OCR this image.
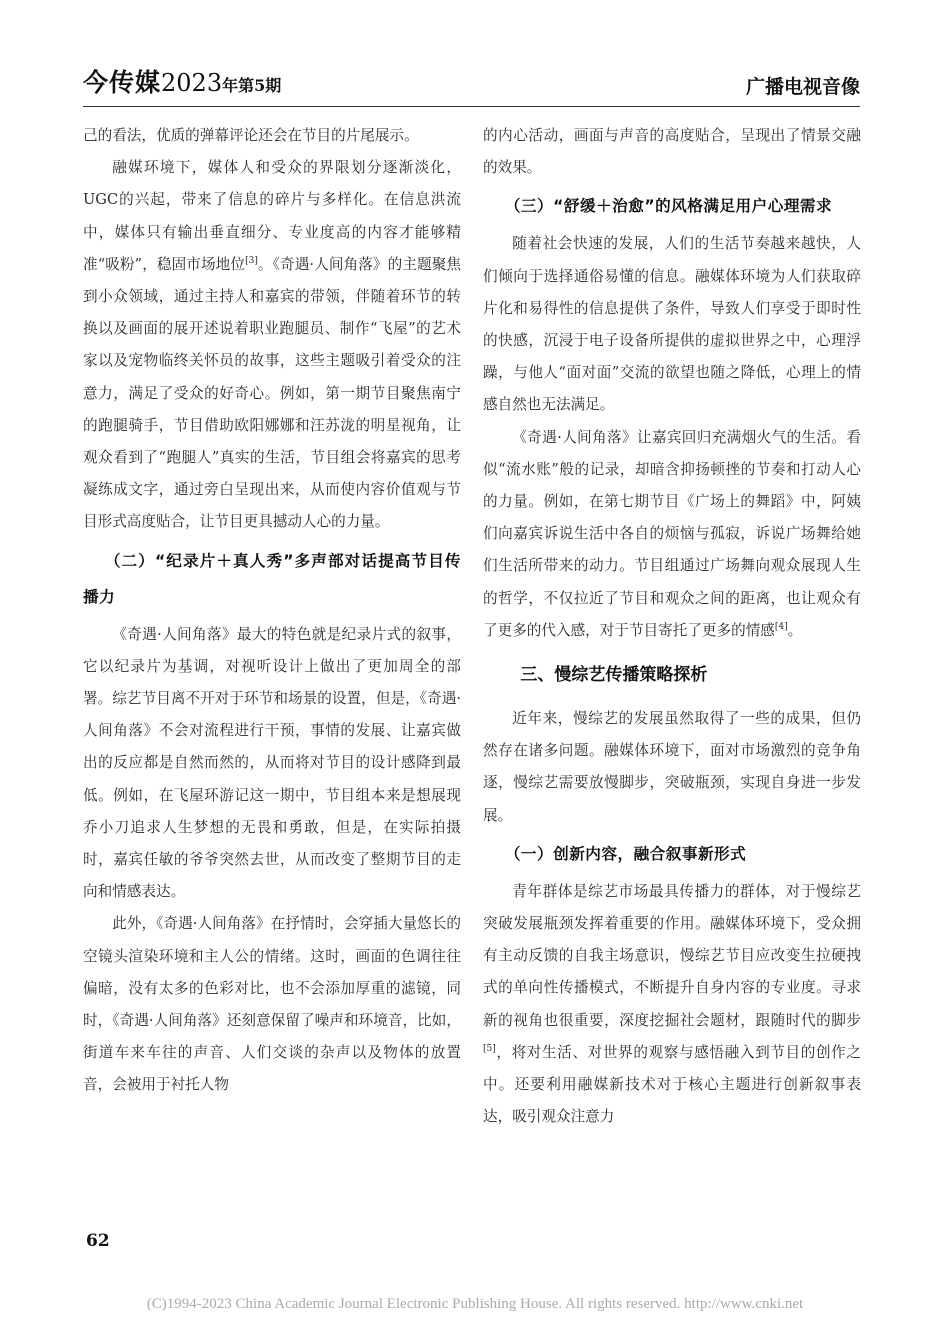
今传媒2023年第5期	广播电视音像

己的看法，优质的弹幕评论还会在节目的片尾展示。

融媒环境下，媒体人和受众的界限划分逐渐淡化，UGC的兴起，带来了信息的碎片与多样化。在信息洪流中，媒体只有输出垂直细分、专业度高的内容才能够精准“吸粉”，稳固市场地位[3]。《奇遇·人间角落》的主题聚焦到小众领域，通过主持人和嘉宾的带领，伴随着环节的转换以及画面的展开述说着职业跑腿员、制作“飞屋”的艺术家以及宠物临终关怀员的故事，这些主题吸引着受众的注意力，满足了受众的好奇心。例如，第一期节目聚焦南宁的跑腿骑手，节目借助欧阳娜娜和汪苏泷的明星视角，让观众看到了“跑腿人”真实的生活，节目组会将嘉宾的思考凝练成文字，通过旁白呈现出来，从而使内容价值观与节目形式高度贴合，让节目更具撼动人心的力量。

（二）“纪录片＋真人秀”多声部对话提高节目传播力

《奇遇·人间角落》最大的特色就是纪录片式的叙事，它以纪录片为基调，对视听设计上做出了更加周全的部署。综艺节目离不开对于环节和场景的设置，但是，《奇遇·人间角落》不会对流程进行干预，事情的发展、让嘉宾做出的反应都是自然而然的，从而将对节目的设计感降到最低。例如，在飞屋环游记这一期中，节目组本来是想展现乔小刀追求人生梦想的无畏和勇敢，但是，在实际拍摄时，嘉宾任敏的爷爷突然去世，从而改变了整期节目的走向和情感表达。

此外，《奇遇·人间角落》在抒情时，会穿插大量悠长的空镜头渲染环境和主人公的情绪。这时，画面的色调往往偏暗，没有太多的色彩对比，也不会添加厚重的滤镜，同时，《奇遇·人间角落》还刻意保留了噪声和环境音，比如，街道车来车往的声音、人们交谈的杂声以及物体的放置音，会被用于衬托人物

的内心活动，画面与声音的高度贴合，呈现出了情景交融的效果。

（三）“舒缓＋治愈”的风格满足用户心理需求

随着社会快速的发展，人们的生活节奏越来越快，人们倾向于选择通俗易懂的信息。融媒体环境为人们获取碎片化和易得性的信息提供了条件，导致人们享受于即时性的快感，沉浸于电子设备所提供的虚拟世界之中，心理浮躁，与他人“面对面”交流的欲望也随之降低，心理上的情感自然也无法满足。

《奇遇·人间角落》让嘉宾回归充满烟火气的生活。看似“流水账”般的记录，却暗含抑扬顿挫的节奏和打动人心的力量。例如，在第七期节目《广场上的舞蹈》中，阿姨们向嘉宾诉说生活中各自的烦恼与孤寂，诉说广场舞给她们生活所带来的动力。节目组通过广场舞向观众展现人生的哲学，不仅拉近了节目和观众之间的距离，也让观众有了更多的代入感，对于节目寄托了更多的情感[4]。

三、慢综艺传播策略探析

近年来，慢综艺的发展虽然取得了一些的成果，但仍然存在诸多问题。融媒体环境下，面对市场激烈的竞争角逐，慢综艺需要放慢脚步，突破瓶颈，实现自身进一步发展。

（一）创新内容，融合叙事新形式

青年群体是综艺市场最具传播力的群体，对于慢综艺突破发展瓶颈发挥着重要的作用。融媒体环境下，受众拥有主动反馈的自我主场意识，慢综艺节目应改变生拉硬拽式的单向性传播模式，不断提升自身内容的专业度。寻求新的视角也很重要，深度挖掘社会题材，跟随时代的脚步[5]，将对生活、对世界的观察与感悟融入到节目的创作之中。还要利用融媒新技术对于核心主题进行创新叙事表达，吸引观众注意力

62
(C)1994-2023 China Academic Journal Electronic Publishing House. All rights reserved. http://www.cnki.net
